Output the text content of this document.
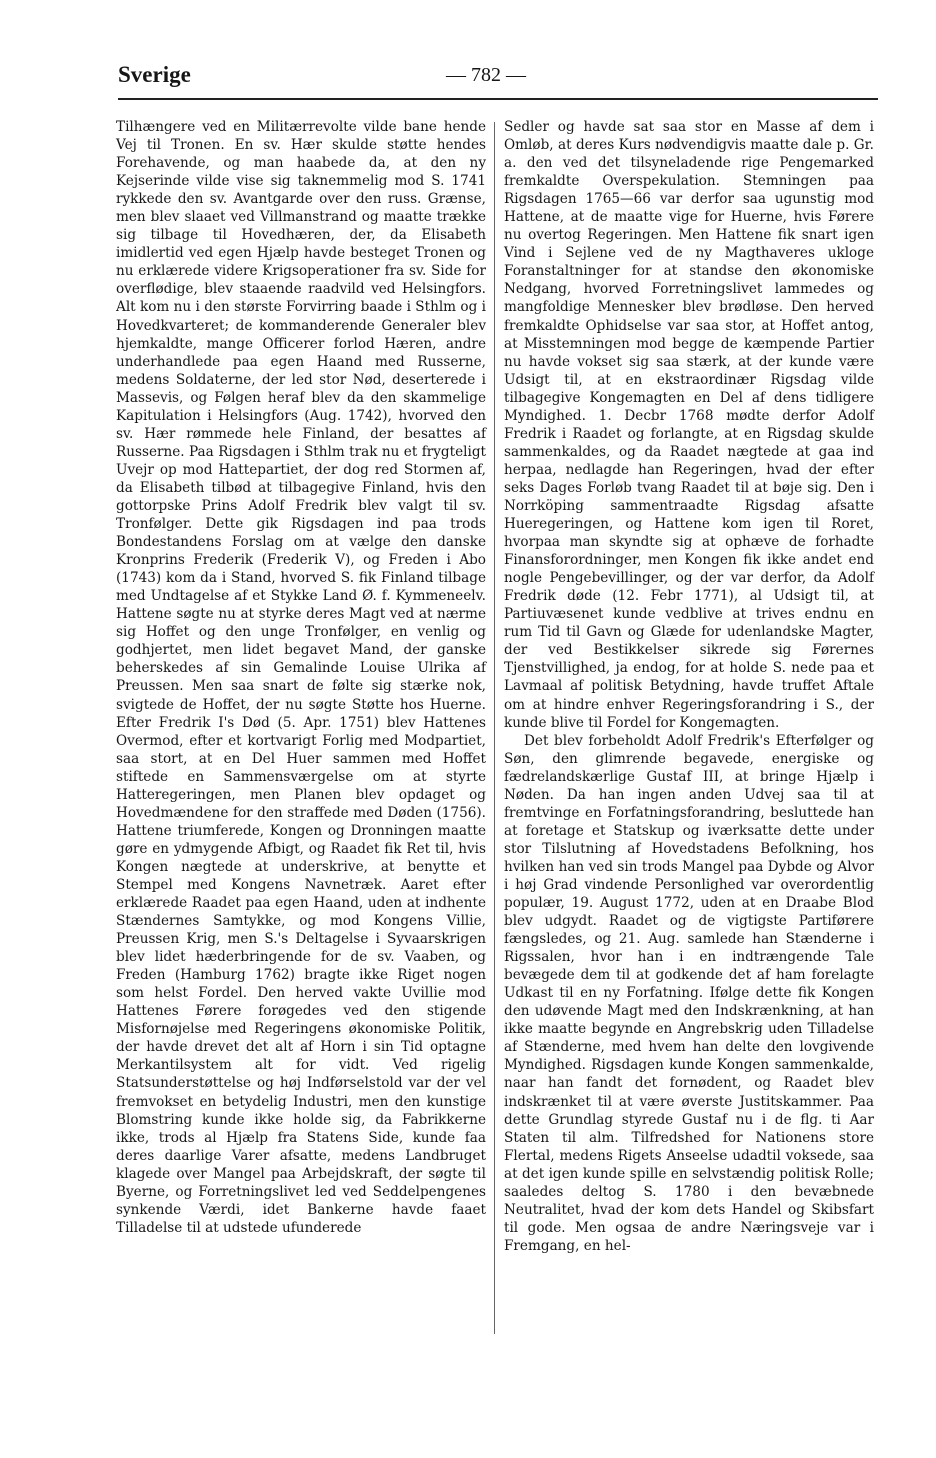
Sverige	— 782 —

Tilhængere ved en Militærrevolte vilde bane hende Vej til Tronen. En sv. Hær skulde støtte hendes Forehavende, og man haabede da, at den ny Kejserinde vilde vise sig taknemmelig mod S. 1741 rykkede den sv. Avantgarde over den russ. Grænse, men blev slaaet ved Villmanstrand og maatte trække sig tilbage til Hovedhæren, der, da Elisabeth imidlertid ved egen Hjælp havde besteget Tronen og nu erklærede videre Krigsoperationer fra sv. Side for overflødige, blev staaende raadvild ved Helsingfors. Alt kom nu i den største Forvirring baade i Sthlm og i Hovedkvarteret; de kommanderende Generaler blev hjemkaldte, mange Officerer forlod Hæren, andre underhandlede paa egen Haand med Russerne, medens Soldaterne, der led stor Nød, deserterede i Massevis, og Følgen heraf blev da den skammelige Kapitulation i Helsingfors (Aug. 1742), hvorved den sv. Hær rømmede hele Finland, der besattes af Russerne. Paa Rigsdagen i Sthlm trak nu et frygteligt Uvejr op mod Hattepartiet, der dog red Stormen af, da Elisabeth tilbød at tilbagegive Finland, hvis den gottorpske Prins Adolf Fredrik blev valgt til sv. Tronfølger. Dette gik Rigsdagen ind paa trods Bondestandens Forslag om at vælge den danske Kronprins Frederik (Frederik V), og Freden i Abo (1743) kom da i Stand, hvorved S. fik Finland tilbage med Undtagelse af et Stykke Land Ø. f. Kymmeneelv. Hattene søgte nu at styrke deres Magt ved at nærme sig Hoffet og den unge Tronfølger, en venlig og godhjertet, men lidet begavet Mand, der ganske beherskedes af sin Gemalinde Louise Ulrika af Preussen. Men saa snart de følte sig stærke nok, svigtede de Hoffet, der nu søgte Støtte hos Huerne. Efter Fredrik I's Død (5. Apr. 1751) blev Hattenes Overmod, efter et kortvarigt Forlig med Modpartiet, saa stort, at en Del Huer sammen med Hoffet stiftede en Sammensværgelse om at styrte Hatteregeringen, men Planen blev opdaget og Hovedmændene for den straffede med Døden (1756). Hattene triumferede, Kongen og Dronningen maatte gøre en ydmygende Afbigt, og Raadet fik Ret til, hvis Kongen nægtede at underskrive, at benytte et Stempel med Kongens Navnetræk. Aaret efter erklærede Raadet paa egen Haand, uden at indhente Stændernes Samtykke, og mod Kongens Villie, Preussen Krig, men S.'s Deltagelse i Syvaarskrigen blev lidet hæderbringende for de sv. Vaaben, og Freden (Hamburg 1762) bragte ikke Riget nogen som helst Fordel. Den herved vakte Uvillie mod Hattenes Førere forøgedes ved den stigende Misfornøjelse med Regeringens økonomiske Politik, der havde drevet det alt af Horn i sin Tid optagne Merkantilsystem alt for vidt. Ved rigelig Statsunderstøttelse og høj Indførselstold var der vel fremvokset en betydelig Industri, men den kunstige Blomstring kunde ikke holde sig, da Fabrikkerne ikke, trods al Hjælp fra Statens Side, kunde faa deres daarlige Varer afsatte, medens Landbruget klagede over Mangel paa Arbejdskraft, der søgte til Byerne, og Forretningslivet led ved Seddelpengenes synkende Værdi, idet Bankerne havde faaet Tilladelse til at udstede ufunderede

Sedler og havde sat saa stor en Masse af dem i Omløb, at deres Kurs nødvendigvis maatte dale p. Gr. a. den ved det tilsyneladende rige Pengemarked fremkaldte Overspekulation. Stemningen paa Rigsdagen 1765—66 var derfor saa ugunstig mod Hattene, at de maatte vige for Huerne, hvis Førere nu overtog Regeringen. Men Hattene fik snart igen Vind i Sejlene ved de ny Magthaveres ukloge Foranstaltninger for at standse den økonomiske Nedgang, hvorved Forretningslivet lammedes og mangfoldige Mennesker blev brødløse. Den herved fremkaldte Ophidselse var saa stor, at Hoffet antog, at Misstemningen mod begge de kæmpende Partier nu havde vokset sig saa stærk, at der kunde være Udsigt til, at en ekstraordinær Rigsdag vilde tilbagegive Kongemagten en Del af dens tidligere Myndighed. 1. Decbr 1768 mødte derfor Adolf Fredrik i Raadet og forlangte, at en Rigsdag skulde sammenkaldes, og da Raadet nægtede at gaa ind herpaa, nedlagde han Regeringen, hvad der efter seks Dages Forløb tvang Raadet til at bøje sig. Den i Norrköping sammentraadte Rigsdag afsatte Hueregeringen, og Hattene kom igen til Roret, hvorpaa man skyndte sig at ophæve de forhadte Finansforordninger, men Kongen fik ikke andet end nogle Pengebevillinger, og der var derfor, da Adolf Fredrik døde (12. Febr 1771), al Udsigt til, at Partiuvæsenet kunde vedblive at trives endnu en rum Tid til Gavn og Glæde for udenlandske Magter, der ved Bestikkelser sikrede sig Førernes Tjenstvillighed, ja endog, for at holde S. nede paa et Lavmaal af politisk Betydning, havde truffet Aftale om at hindre enhver Regeringsforandring i S., der kunde blive til Fordel for Kongemagten.

Det blev forbeholdt Adolf Fredrik's Efterfølger og Søn, den glimrende begavede, energiske og fædrelandskærlige Gustaf III, at bringe Hjælp i Nøden. Da han ingen anden Udvej saa til at fremtvinge en Forfatningsforandring, besluttede han at foretage et Statskup og iværksatte dette under stor Tilslutning af Hovedstadens Befolkning, hos hvilken han ved sin trods Mangel paa Dybde og Alvor i høj Grad vindende Personlighed var overordentlig populær, 19. August 1772, uden at en Draabe Blod blev udgydt. Raadet og de vigtigste Partiførere fængsledes, og 21. Aug. samlede han Stænderne i Rigssalen, hvor han i en indtrængende Tale bevægede dem til at godkende det af ham forelagte Udkast til en ny Forfatning. Ifølge dette fik Kongen den udøvende Magt med den Indskrænkning, at han ikke maatte begynde en Angrebskrig uden Tilladelse af Stænderne, med hvem han delte den lovgivende Myndighed. Rigsdagen kunde Kongen sammenkalde, naar han fandt det fornødent, og Raadet blev indskrænket til at være øverste Justitskammer. Paa dette Grundlag styrede Gustaf nu i de flg. ti Aar Staten til alm. Tilfredshed for Nationens store Flertal, medens Rigets Anseelse udadtil voksede, saa at det igen kunde spille en selvstændig politisk Rolle; saaledes deltog S. 1780 i den bevæbnede Neutralitet, hvad der kom dets Handel og Skibsfart til gode. Men ogsaa de andre Næringsveje var i Fremgang, en hel-
